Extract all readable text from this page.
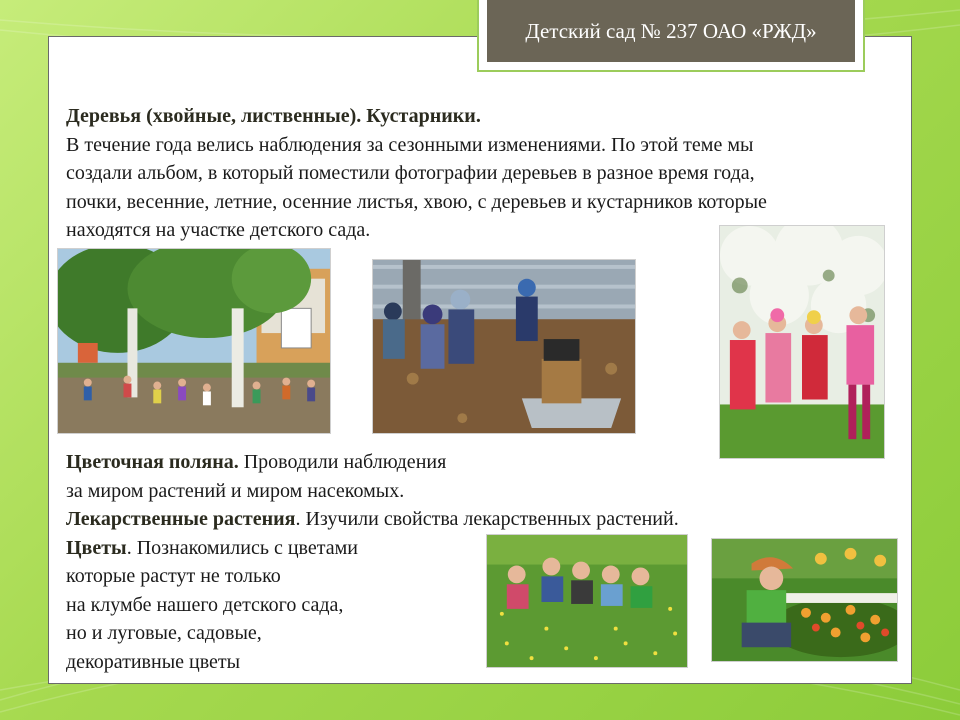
Детский сад № 237 ОАО «РЖД»
Деревья (хвойные, лиственные). Кустарники.
В течение года велись наблюдения за сезонными изменениями. По этой теме мы
создали альбом, в который поместили фотографии деревьев в разное время года,
почки, весенние, летние, осенние листья, хвою, с деревьев и кустарников которые
находятся на участке детского сада.
Цветочная поляна. Проводили наблюдения
за миром растений и миром насекомых.
Лекарственные растения. Изучили свойства лекарственных растений.
Цветы. Познакомились с цветами
которые растут не только
на клумбе нашего детского сада,
но и луговые, садовые,
декоративные цветы
